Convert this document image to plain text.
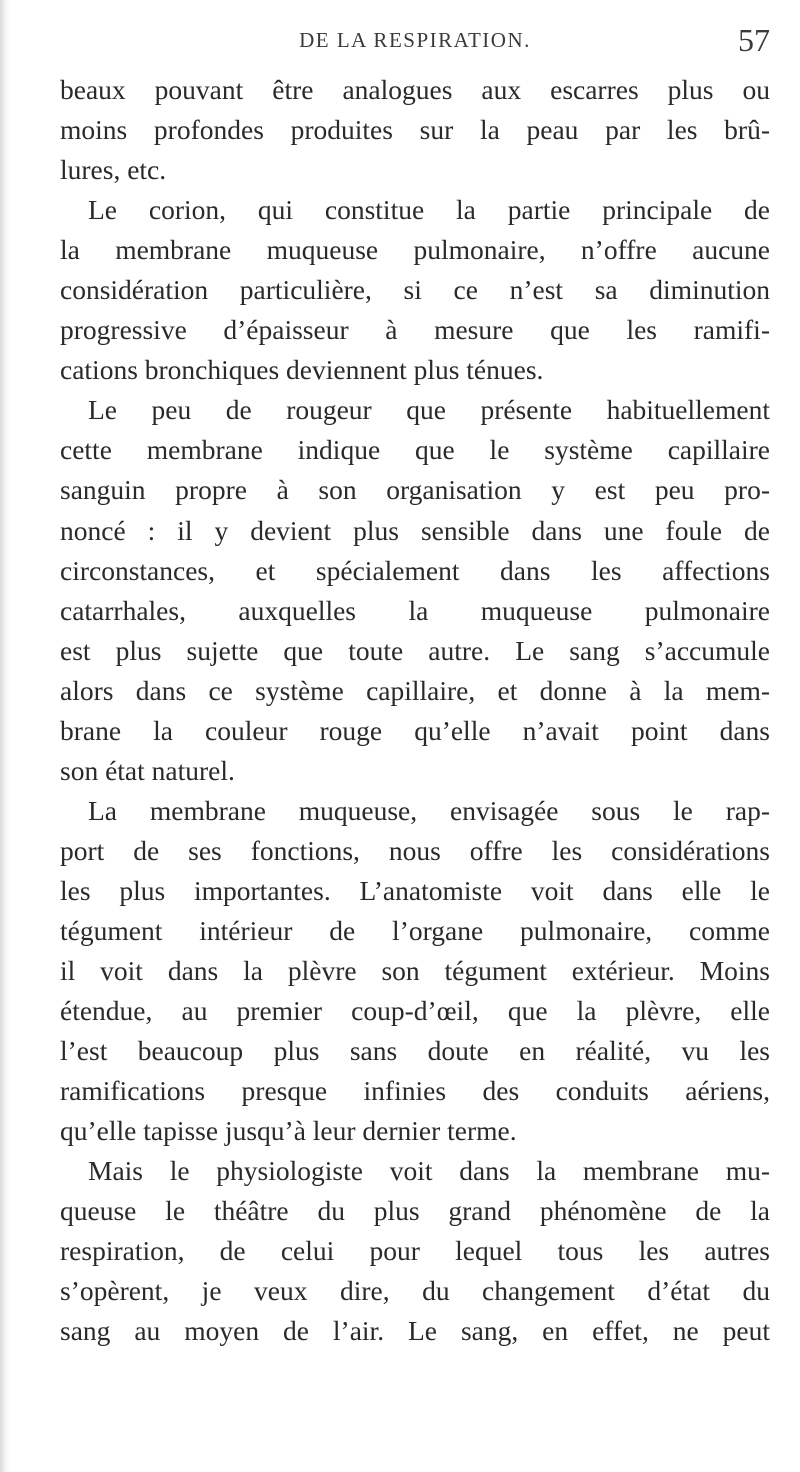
DE LA RESPIRATION.	57
beaux pouvant être analogues aux escarres plus ou
moins profondes produites sur la peau par les brû-
lures, etc.
Le corion, qui constitue la partie principale de
la membrane muqueuse pulmonaire, n’offre aucune
considération particulière, si ce n’est sa diminution
progressive d’épaisseur à mesure que les ramifi-
cations bronchiques deviennent plus ténues.
Le peu de rougeur que présente habituellement
cette membrane indique que le système capillaire
sanguin propre à son organisation y est peu pro-
noncé : il y devient plus sensible dans une foule de
circonstances, et spécialement dans les affections
catarrhales, auxquelles la muqueuse pulmonaire
est plus sujette que toute autre. Le sang s’accumule
alors dans ce système capillaire, et donne à la mem-
brane la couleur rouge qu’elle n’avait point dans
son état naturel.
La membrane muqueuse, envisagée sous le rap-
port de ses fonctions, nous offre les considérations
les plus importantes. L’anatomiste voit dans elle le
tégument intérieur de l’organe pulmonaire, comme
il voit dans la plèvre son tégument extérieur. Moins
étendue, au premier coup-d’œil, que la plèvre, elle
l’est beaucoup plus sans doute en réalité, vu les
ramifications presque infinies des conduits aériens,
qu’elle tapisse jusqu’à leur dernier terme.
Mais le physiologiste voit dans la membrane mu-
queuse le théâtre du plus grand phénomène de la
respiration, de celui pour lequel tous les autres
s’opèrent, je veux dire, du changement d’état du
sang au moyen de l’air. Le sang, en effet, ne peut
